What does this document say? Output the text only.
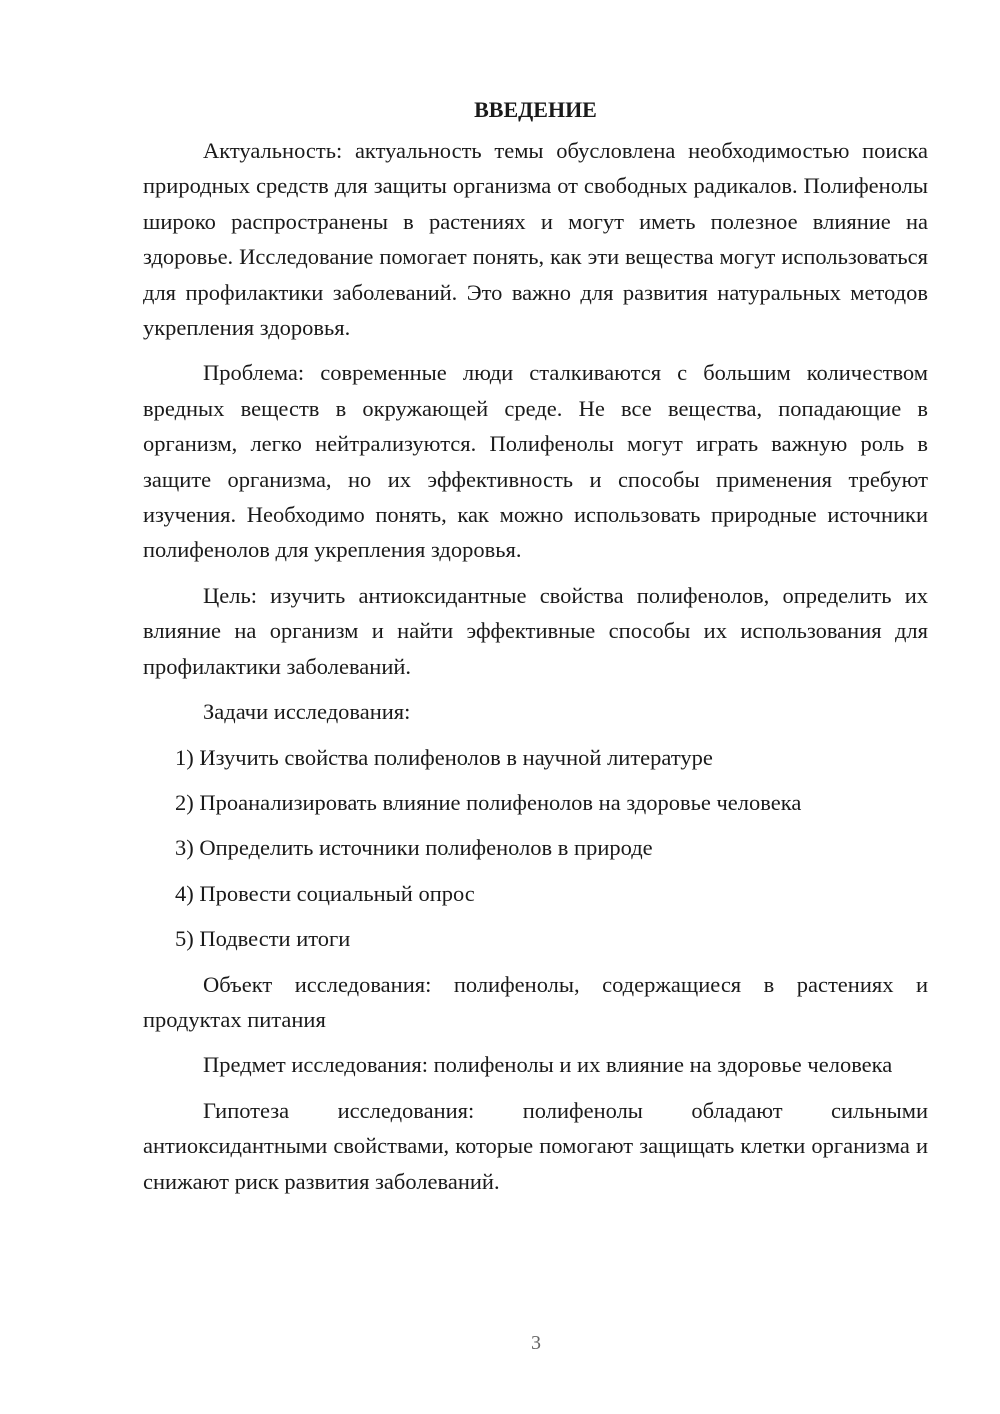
ВВЕДЕНИЕ

Актуальность: актуальность темы обусловлена необходимостью поиска природных средств для защиты организма от свободных радикалов. Полифенолы широко распространены в растениях и могут иметь полезное влияние на здоровье. Исследование помогает понять, как эти вещества могут использоваться для профилактики заболеваний. Это важно для развития натуральных методов укрепления здоровья.

Проблема: современные люди сталкиваются с большим количеством вредных веществ в окружающей среде. Не все вещества, попадающие в организм, легко нейтрализуются. Полифенолы могут играть важную роль в защите организма, но их эффективность и способы применения требуют изучения. Необходимо понять, как можно использовать природные источники полифенолов для укрепления здоровья.

Цель: изучить антиоксидантные свойства полифенолов, определить их влияние на организм и найти эффективные способы их использования для профилактики заболеваний.

Задачи исследования:

1) Изучить свойства полифенолов в научной литературе
2) Проанализировать влияние полифенолов на здоровье человека
3) Определить источники полифенолов в природе
4) Провести социальный опрос
5) Подвести итоги

Объект исследования: полифенолы, содержащиеся в растениях и продуктах питания

Предмет исследования: полифенолы и их влияние на здоровье человека

Гипотеза исследования: полифенолы обладают сильными антиоксидантными свойствами, которые помогают защищать клетки организма и снижают риск развития заболеваний.

3
